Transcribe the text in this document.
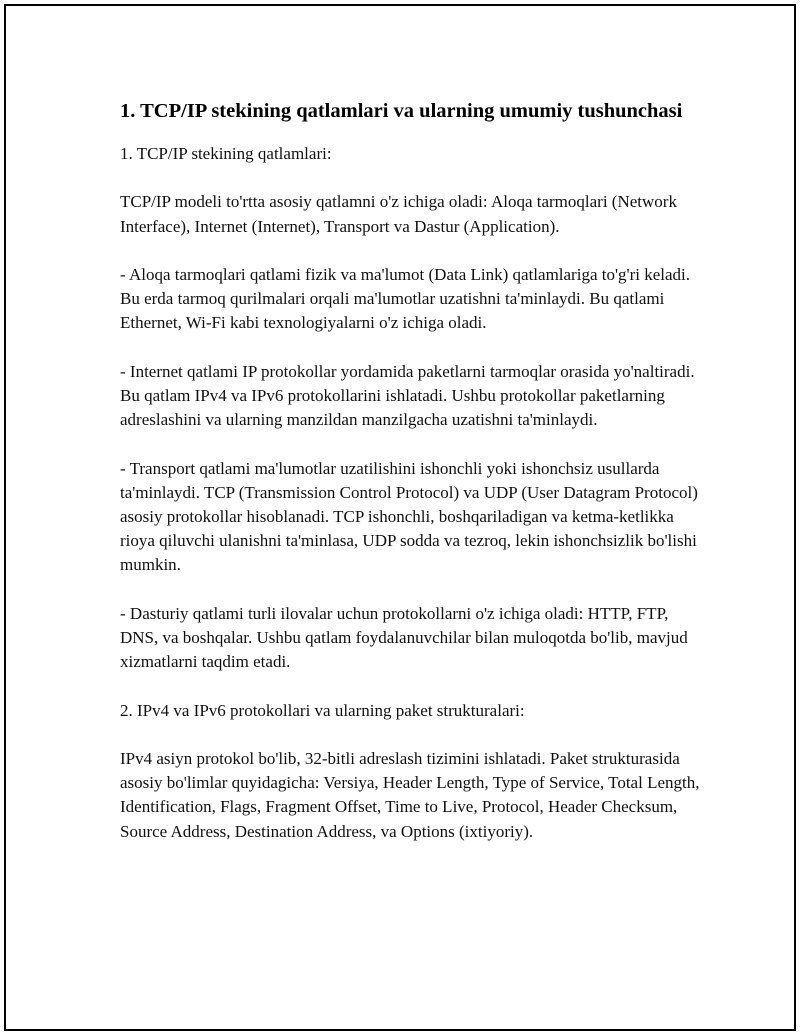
1. TCP/IP stekining qatlamlari va ularning umumiy tushunchasi

1. TCP/IP stekining qatlamlari:

TCP/IP modeli to'rtta asosiy qatlamni o'z ichiga oladi: Aloqa tarmoqlari (Network Interface), Internet (Internet), Transport va Dastur (Application).

- Aloqa tarmoqlari qatlami fizik va ma'lumot (Data Link) qatlamlariga to'g'ri keladi. Bu erda tarmoq qurilmalari orqali ma'lumotlar uzatishni ta'minlaydi. Bu qatlami Ethernet, Wi-Fi kabi texnologiyalarni o'z ichiga oladi.

- Internet qatlami IP protokollar yordamida paketlarni tarmoqlar orasida yo'naltiradi. Bu qatlam IPv4 va IPv6 protokollarini ishlatadi. Ushbu protokollar paketlarning adreslashini va ularning manzildan manzilgacha uzatishni ta'minlaydi.

- Transport qatlami ma'lumotlar uzatilishini ishonchli yoki ishonchsiz usullarda ta'minlaydi. TCP (Transmission Control Protocol) va UDP (User Datagram Protocol) asosiy protokollar hisoblanadi. TCP ishonchli, boshqariladigan va ketma-ketlikka rioya qiluvchi ulanishni ta'minlasa, UDP sodda va tezroq, lekin ishonchsizlik bo'lishi mumkin.

- Dasturiy qatlami turli ilovalar uchun protokollarni o'z ichiga oladi: HTTP, FTP, DNS, va boshqalar. Ushbu qatlam foydalanuvchilar bilan muloqotda bo'lib, mavjud xizmatlarni taqdim etadi.

2. IPv4 va IPv6 protokollari va ularning paket strukturalari:

IPv4 asiyn protokol bo'lib, 32-bitli adreslash tizimini ishlatadi. Paket strukturasida asosiy bo'limlar quyidagicha: Versiya, Header Length, Type of Service, Total Length, Identification, Flags, Fragment Offset, Time to Live, Protocol, Header Checksum, Source Address, Destination Address, va Options (ixtiyoriy).
